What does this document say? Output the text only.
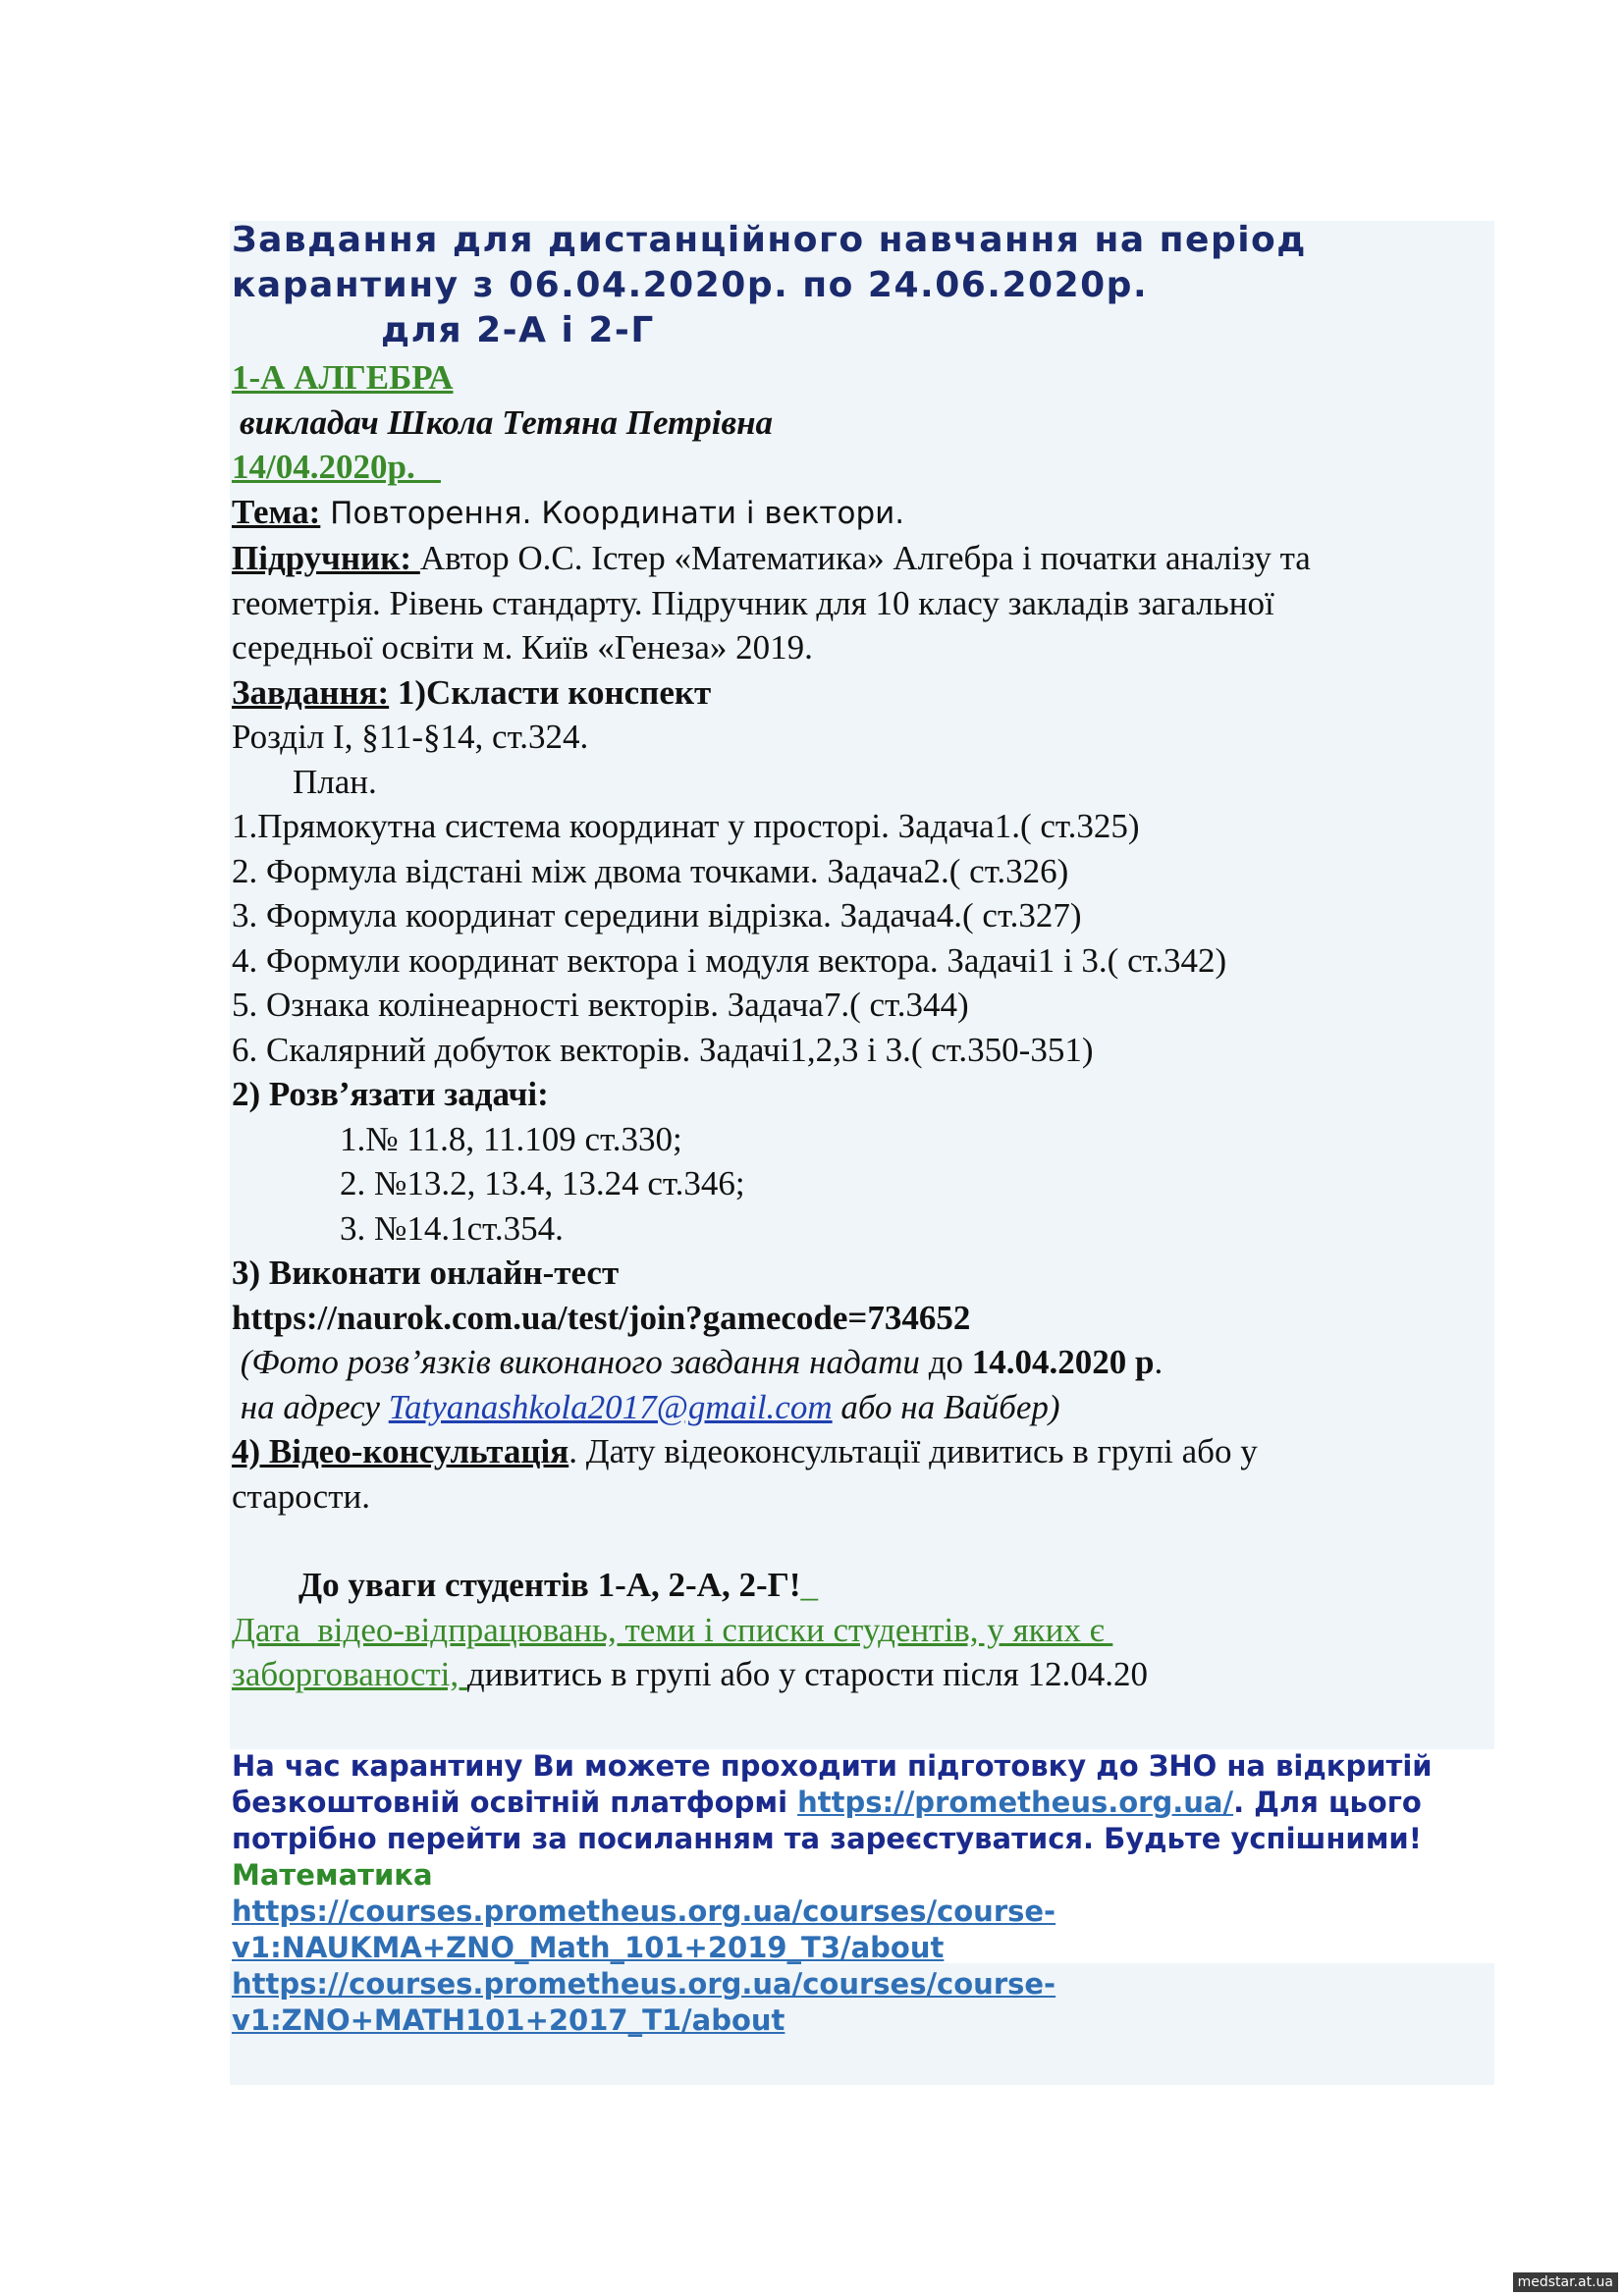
Завдання для дистанційного навчання на період

карантину з 06.04.2020р. по 24.06.2020р.

для 2-А і 2-Г

1-А АЛГЕБРА

викладач Школа Тетяна Петрівна

14/04.2020р.

Тема: Повторення. Координати і вектори.

Підручник: Автор О.С. Істер «Математика» Алгебра і початки аналізу та

геометрія. Рівень стандарту. Підручник для 10 класу закладів загальної

середньої освіти м. Київ «Генеза» 2019.

Завдання: 1)Скласти конспект

Розділ І, §11-§14, ст.324.

План.

1.Прямокутна система координат у просторі. Задача1.( ст.325)

2. Формула відстані між двома точками. Задача2.( ст.326)

3. Формула координат середини відрізка. Задача4.( ст.327)

4. Формули координат вектора і модуля вектора. Задачі1 і 3.( ст.342)

5. Ознака колінеарності векторів. Задача7.( ст.344)

6. Скалярний добуток векторів. Задачі1,2,3 і 3.( ст.350-351)

2) Розв’язати задачі:

1.№ 11.8, 11.109 ст.330;

2. №13.2, 13.4, 13.24 ст.346;

3. №14.1ст.354.

3) Виконати онлайн-тест

https://naurok.com.ua/test/join?gamecode=734652

(Фото розв’язків виконаного завдання надати до 14.04.2020 р.

на адресу Tatyanashkola2017@gmail.com або на Вайбер)

4) Відео-консультація. Дату відеоконсультації дивитись в групі або у

старости.

До уваги студентів 1-А, 2-А, 2-Г!_

Дата  відео-відпрацювань, теми і списки студентів, у яких є

заборгованості, дивитись в групі або у старости після 12.04.20

На час карантину Ви можете проходити підготовку до ЗНО на відкритій

безкоштовній освітній платформі https://prometheus.org.ua/. Для цього

потрібно перейти за посиланням та зареєстуватися. Будьте успішними!

Математика

https://courses.prometheus.org.ua/courses/course-

v1:NAUKMA+ZNO_Math_101+2019_T3/about

https://courses.prometheus.org.ua/courses/course-

v1:ZNO+MATH101+2017_T1/about

medstar.at.ua
